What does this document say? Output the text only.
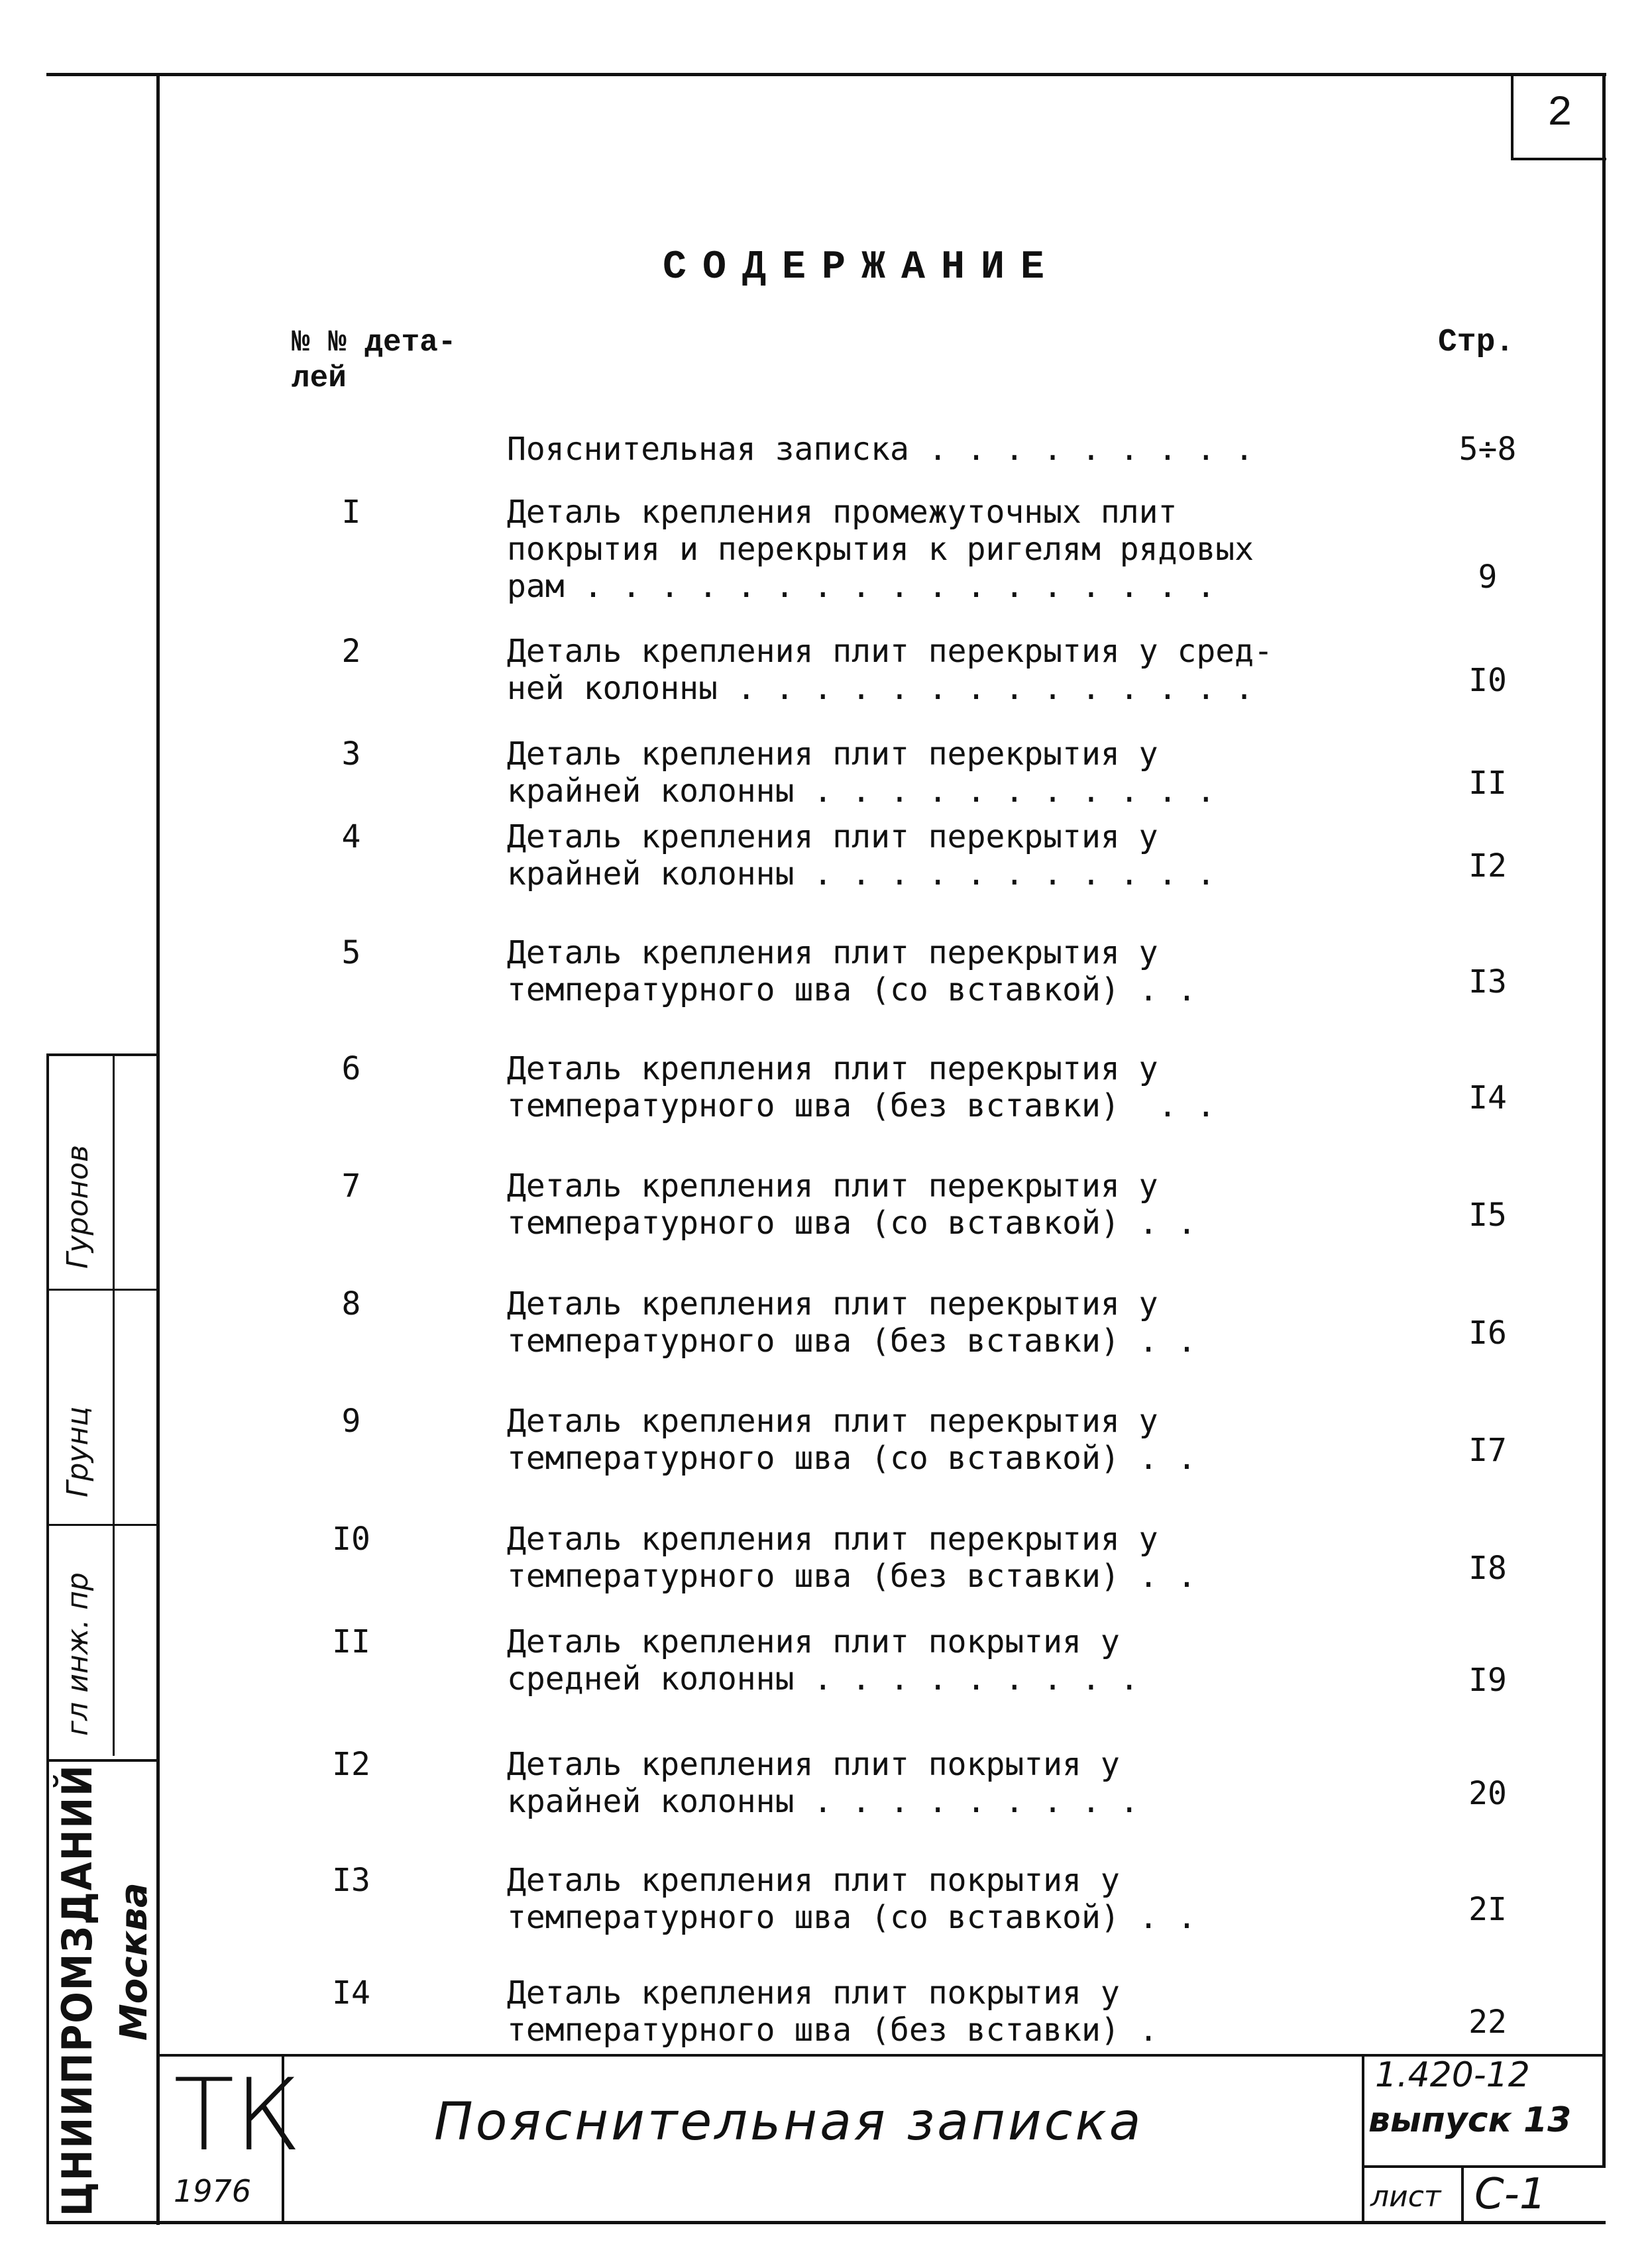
2
СОДЕРЖАНИЕ
№ № дета-
лей
Стр.
Пояснительная записка . . . . . . . . .	5÷8
I	Деталь крепления промежуточных плит
покрытия и перекрытия к ригелям рядовых
рам . . . . . . . . . . . . . . . . .	9
2	Деталь крепления плит перекрытия у сред-
ней колонны . . . . . . . . . . . . . .	I0
3	Деталь крепления плит перекрытия у
крайней колонны . . . . . . . . . . .	II
4	Деталь крепления плит перекрытия у
крайней колонны . . . . . . . . . . .	I2
5	Деталь крепления плит перекрытия у
температурного шва (со вставкой) . .	I3
6	Деталь крепления плит перекрытия у
температурного шва (без вставки)  . .	I4
7	Деталь крепления плит перекрытия у
температурного шва (со вставкой) . .	I5
8	Деталь крепления плит перекрытия у
температурного шва (без вставки) . .	I6
9	Деталь крепления плит перекрытия у
температурного шва (со вставкой) . .	I7
I0	Деталь крепления плит перекрытия у
температурного шва (без вставки) . .	I8
II	Деталь крепления плит покрытия у
средней колонны . . . . . . . . .	I9
I2	Деталь крепления плит покрытия у
крайней колонны . . . . . . . . .	20
I3	Деталь крепления плит покрытия у
температурного шва (со вставкой) . .	2I
I4	Деталь крепления плит покрытия у
температурного шва (без вставки) .	22
Гуронов
Грунц
гл инж. пр
ЦНИИПРОМЗДАНИЙ Москва
ТК
1976
Пояснительная записка
1.420-12
выпуск 13
лист С-1
